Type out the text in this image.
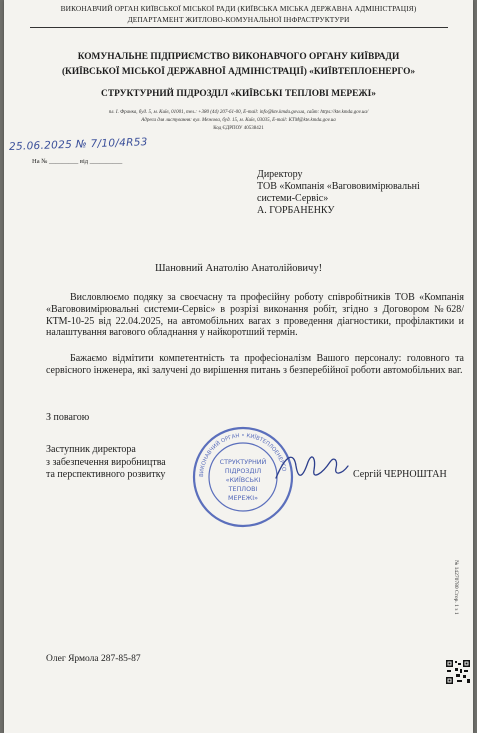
ВИКОНАВЧИЙ ОРГАН КИЇВСЬКОЇ МІСЬКОЇ РАДИ (КИЇВСЬКА МІСЬКА ДЕРЖАВНА АДМІНІСТРАЦІЯ)
ДЕПАРТАМЕНТ ЖИТЛОВО-КОМУНАЛЬНОЇ ІНФРАСТРУКТУРИ
КОМУНАЛЬНЕ ПІДПРИЄМСТВО ВИКОНАВЧОГО ОРГАНУ КИЇВРАДИ
(КИЇВСЬКОЇ МІСЬКОЇ ДЕРЖАВНОЇ АДМІНІСТРАЦІЇ) «КИЇВТЕПЛОЕНЕРГО»
СТРУКТУРНИЙ ПІДРОЗДІЛ «КИЇВСЬКІ ТЕПЛОВІ МЕРЕЖІ»
пл. І. Франка, буд. 5, м. Київ, 01001, тел.: +380 (44) 207-61-00, E-mail: info@kte.kmda.gov.ua, сайт: https://kte.kmda.gov.ua/
Адреса для листування: вул. Межова, буд. 15, м. Київ, 03035, E-mail: KTM@kte.kmda.gov.ua
Код ЄДРПОУ 40538421
25.06.2025 № 7/10/4R53
На № _________ від __________
Директору
ТОВ «Компанія «Вагововимірювальні
системи-Сервіс»
А. ГОРБАНЕНКУ
Шановний Анатолію Анатолійовичу!

Висловлюємо подяку за своєчасну та професійну роботу співробітників ТОВ «Компанія «Вагововимірювальні системи-Сервіс» в розрізі виконання робіт, згідно з Договором №628/КТМ-10-25 від 22.04.2025, на автомобільних вагах з проведення діагностики, профілактики и налаштування вагового обладнання у найкоротший термін.

Бажаємо відмітити компетентність та професіоналізм Вашого персоналу: головного та сервісного інженера, які залучені до вирішення питань з безперебійної роботи автомобільних ваг.

З повагою
Заступник директора
з забезпечення виробництва
та перспективного розвитку	Сергій ЧЕРНОШТАН
ВИКОНАВЧИЙ ОРГАН • КИЇВТЕПЛОЕНЕРГО
СТРУКТУРНИЙ
ПІДРОЗДІЛ
«КИЇВСЬКІ
ТЕПЛОВІ
МЕРЕЖІ»
№ 14270780 Стор. 1 з 1
Олег Ярмола 287-85-87
